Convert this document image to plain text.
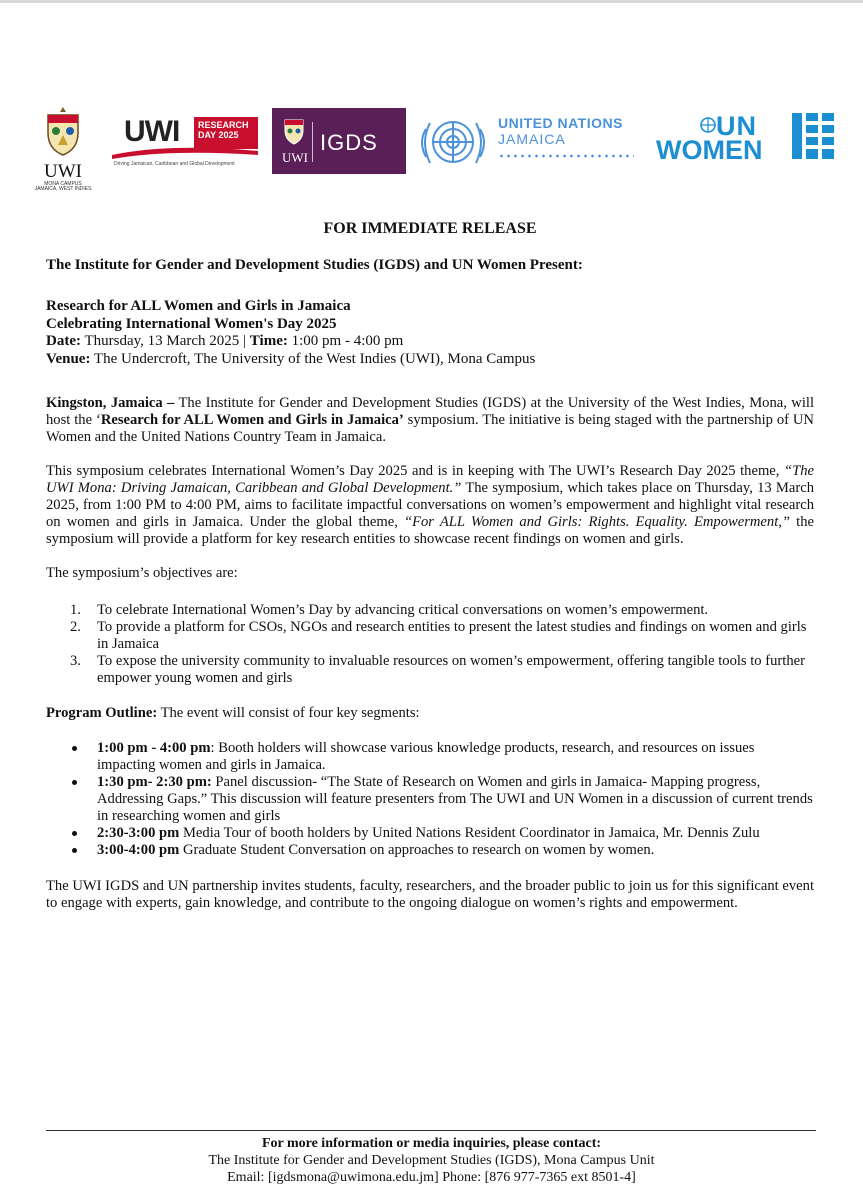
UWI
MONA CAMPUS
JAMAICA, WEST INDIES
UWI RESEARCH
DAY 2025
Driving Jamaican, Caribbean and Global Development	UWI
IGDS
UNITED NATIONS
JAMAICA	UN
WOMEN
FOR IMMEDIATE RELEASE
The Institute for Gender and Development Studies (IGDS) and UN Women Present:
Research for ALL Women and Girls in Jamaica
Celebrating International Women's Day 2025
Date: Thursday, 13 March 2025 | Time: 1:00 pm - 4:00 pm
Venue: The Undercroft, The University of the West Indies (UWI), Mona Campus

Kingston, Jamaica – The Institute for Gender and Development Studies (IGDS) at the University of the West Indies, Mona, will host the ‘Research for ALL Women and Girls in Jamaica’ symposium. The initiative is being staged with the partnership of UN Women and the United Nations Country Team in Jamaica.

This symposium celebrates International Women’s Day 2025 and is in keeping with The UWI’s Research Day 2025 theme, “The UWI Mona: Driving Jamaican, Caribbean and Global Development.” The symposium, which takes place on Thursday, 13 March 2025, from 1:00 PM to 4:00 PM, aims to facilitate impactful conversations on women’s empowerment and highlight vital research on women and girls in Jamaica. Under the global theme, “For ALL Women and Girls: Rights. Equality. Empowerment,” the symposium will provide a platform for key research entities to showcase recent findings on women and girls.

The symposium’s objectives are:

1. To celebrate International Women’s Day by advancing critical conversations on women’s empowerment.
2. To provide a platform for CSOs, NGOs and research entities to present the latest studies and findings on women and girls in Jamaica
3. To expose the university community to invaluable resources on women’s empowerment, offering tangible tools to further empower young women and girls

Program Outline: The event will consist of four key segments:

1:00 pm - 4:00 pm: Booth holders will showcase various knowledge products, research, and resources on issues impacting women and girls in Jamaica.
1:30 pm- 2:30 pm: Panel discussion- “The State of Research on Women and girls in Jamaica- Mapping progress, Addressing Gaps.” This discussion will feature presenters from The UWI and UN Women in a discussion of current trends in researching women and girls
2:30-3:00 pm Media Tour of booth holders by United Nations Resident Coordinator in Jamaica, Mr. Dennis Zulu
3:00-4:00 pm Graduate Student Conversation on approaches to research on women by women.

The UWI IGDS and UN partnership invites students, faculty, researchers, and the broader public to join us for this significant event to engage with experts, gain knowledge, and contribute to the ongoing dialogue on women’s rights and empowerment.

For more information or media inquiries, please contact:
The Institute for Gender and Development Studies (IGDS), Mona Campus Unit
Email: [igdsmona@uwimona.edu.jm] Phone: [876 977-7365 ext 8501-4]
